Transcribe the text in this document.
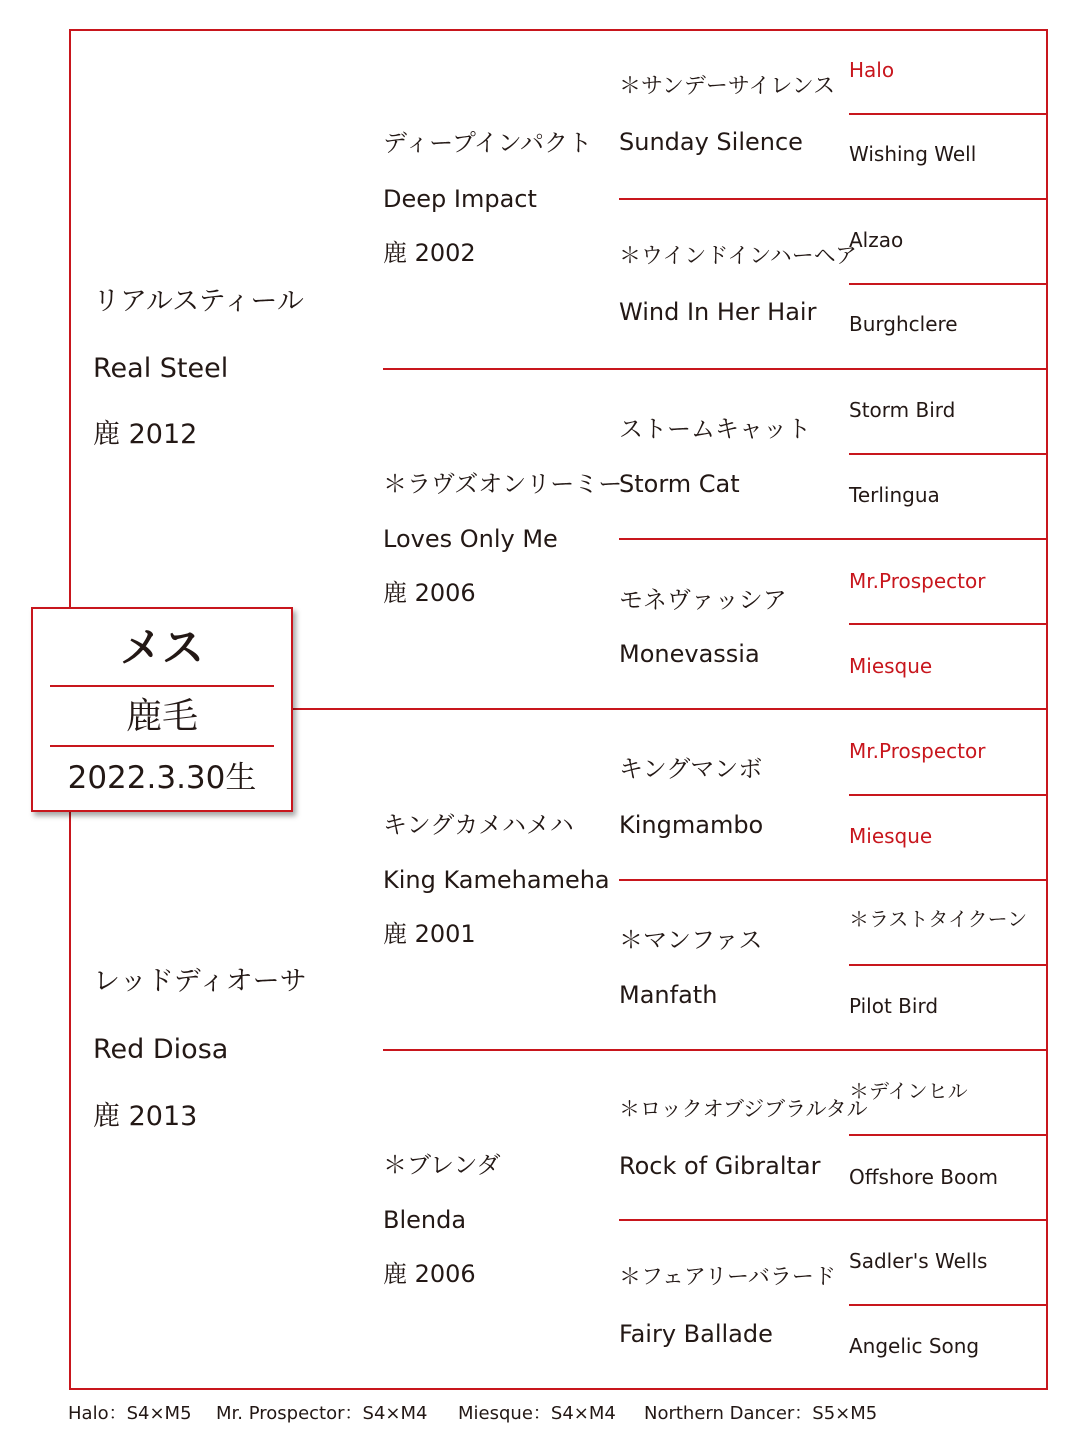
リアルスティール
Real Steel
鹿 2012
レッドディオーサ
Red Diosa
鹿 2013
ディープインパクト
Deep Impact
鹿 2002
＊ラヴズオンリーミー
Loves Only Me
鹿 2006
キングカメハメハ
King Kamehameha
鹿 2001
＊ブレンダ
Blenda
鹿 2006
＊サンデーサイレンス
Sunday Silence
＊ウインドインハーヘア
Wind In Her Hair
ストームキャット
Storm Cat
モネヴァッシア
Monevassia
キングマンボ
Kingmambo
＊マンファス
Manfath
＊ロックオブジブラルタル
Rock of Gibraltar
＊フェアリーバラード
Fairy Ballade
Halo
Wishing Well
Alzao
Burghclere
Storm Bird
Terlingua
Mr.Prospector
Miesque
Mr.Prospector
Miesque
＊ラストタイクーン
Pilot Bird
＊デインヒル
Offshore Boom
Sadler's Wells
Angelic Song
メス
鹿毛
2022.3.30生
Halo：S4×M5 Mr. Prospector：S4×M4 Miesque：S4×M4 Northern Dancer：S5×M5
